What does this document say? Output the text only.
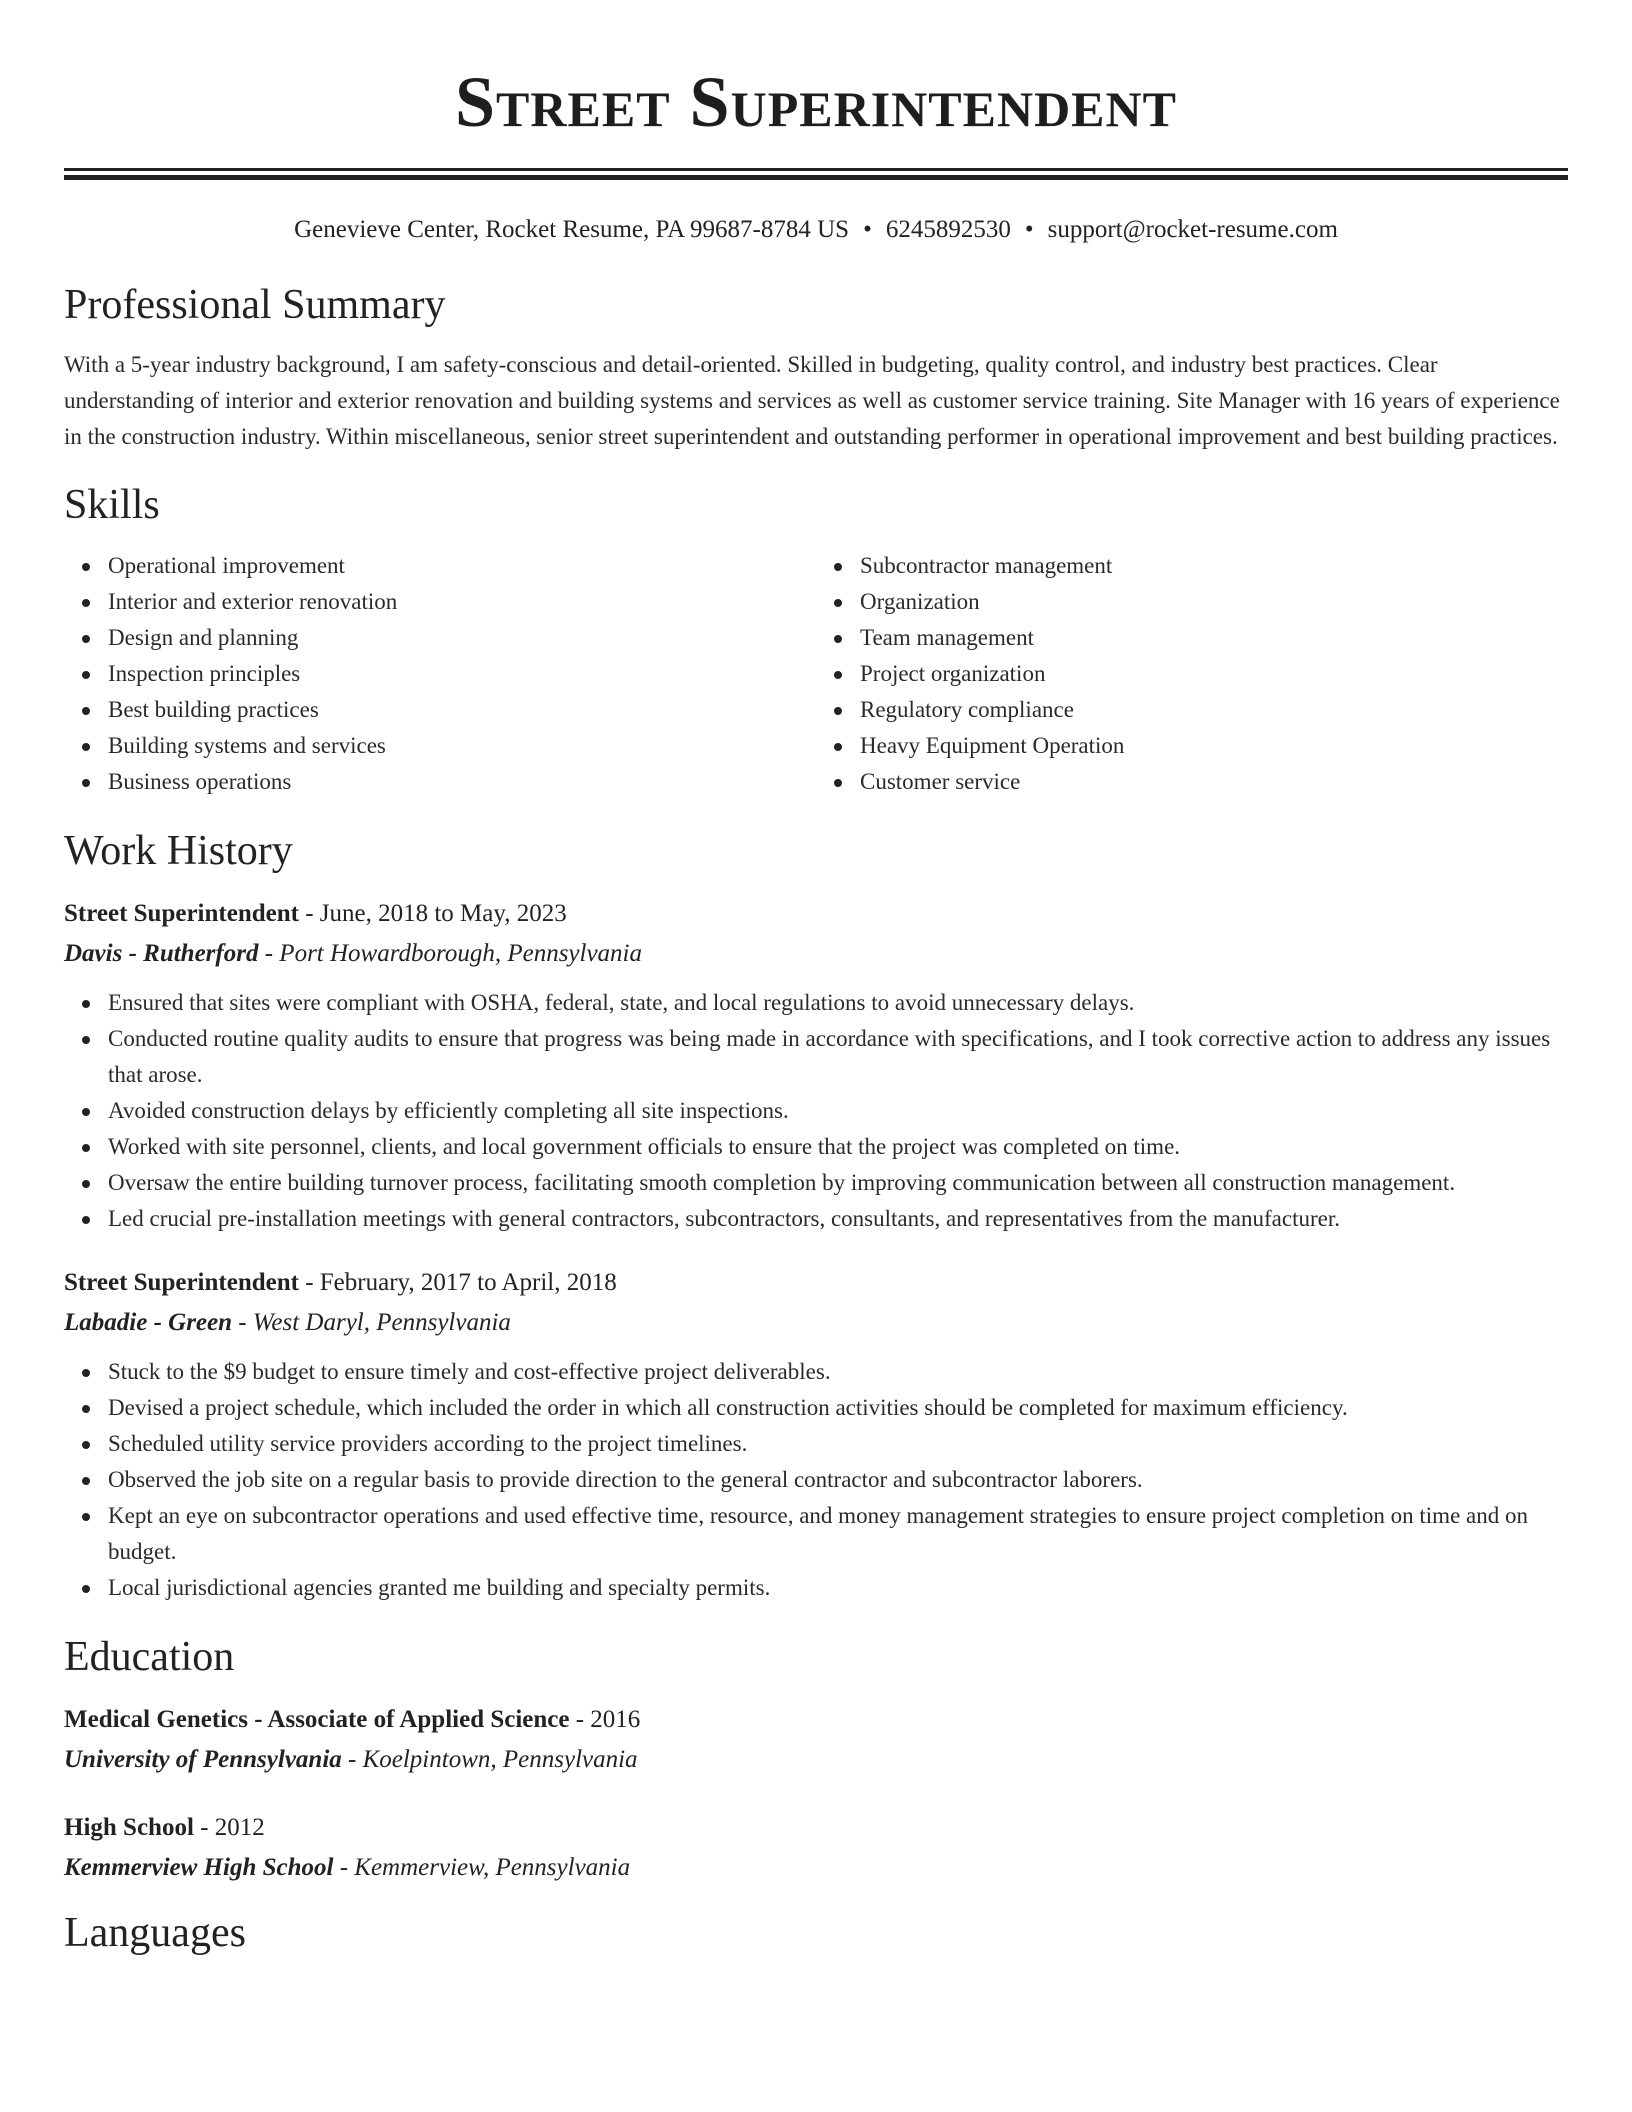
Street Superintendent
Genevieve Center, Rocket Resume, PA 99687-8784 US • 6245892530 • support@rocket-resume.com
Professional Summary

With a 5-year industry background, I am safety-conscious and detail-oriented. Skilled in budgeting, quality control, and industry best practices. Clear understanding of interior and exterior renovation and building systems and services as well as customer service training. Site Manager with 16 years of experience in the construction industry. Within miscellaneous, senior street superintendent and outstanding performer in operational improvement and best building practices.

Skills
Operational improvement
Interior and exterior renovation
Design and planning
Inspection principles
Best building practices
Building systems and services
Business operations
Subcontractor management
Organization
Team management
Project organization
Regulatory compliance
Heavy Equipment Operation
Customer service
Work History
Street Superintendent - June, 2018 to May, 2023
Davis - Rutherford - Port Howardborough, Pennsylvania
Ensured that sites were compliant with OSHA, federal, state, and local regulations to avoid unnecessary delays.
Conducted routine quality audits to ensure that progress was being made in accordance with specifications, and I took corrective action to address any issues that arose.
Avoided construction delays by efficiently completing all site inspections.
Worked with site personnel, clients, and local government officials to ensure that the project was completed on time.
Oversaw the entire building turnover process, facilitating smooth completion by improving communication between all construction management.
Led crucial pre-installation meetings with general contractors, subcontractors, consultants, and representatives from the manufacturer.
Street Superintendent - February, 2017 to April, 2018
Labadie - Green - West Daryl, Pennsylvania
Stuck to the $9 budget to ensure timely and cost-effective project deliverables.
Devised a project schedule, which included the order in which all construction activities should be completed for maximum efficiency.
Scheduled utility service providers according to the project timelines.
Observed the job site on a regular basis to provide direction to the general contractor and subcontractor laborers.
Kept an eye on subcontractor operations and used effective time, resource, and money management strategies to ensure project completion on time and on budget.
Local jurisdictional agencies granted me building and specialty permits.
Education
Medical Genetics - Associate of Applied Science - 2016
University of Pennsylvania - Koelpintown, Pennsylvania
High School - 2012
Kemmerview High School - Kemmerview, Pennsylvania
Languages
